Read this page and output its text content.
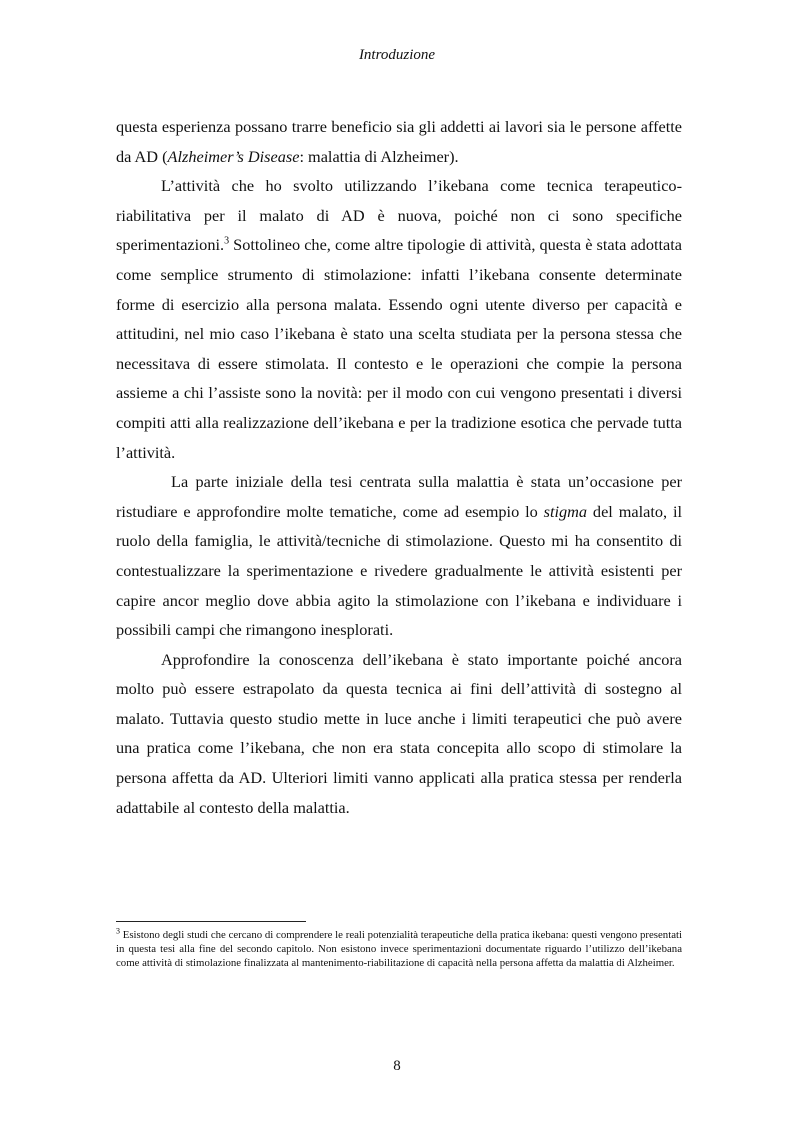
Introduzione

questa esperienza possano trarre beneficio sia gli addetti ai lavori sia le persone affette da AD (Alzheimer’s Disease: malattia di Alzheimer).

L’attività che ho svolto utilizzando l’ikebana come tecnica terapeutico-riabilitativa per il malato di AD è nuova, poiché non ci sono specifiche sperimentazioni.$^3$ Sottolineo che, come altre tipologie di attività, questa è stata adottata come semplice strumento di stimolazione: infatti l’ikebana consente determinate forme di esercizio alla persona malata. Essendo ogni utente diverso per capacità e attitudini, nel mio caso l’ikebana è stato una scelta studiata per la persona stessa che necessitava di essere stimolata. Il contesto e le operazioni che compie la persona assieme a chi l’assiste sono la novità: per il modo con cui vengono presentati i diversi compiti atti alla realizzazione dell’ikebana e per la tradizione esotica che pervade tutta l’attività.

La parte iniziale della tesi centrata sulla malattia è stata un’occasione per ristudiare e approfondire molte tematiche, come ad esempio lo stigma del malato, il ruolo della famiglia, le attività/tecniche di stimolazione. Questo mi ha consentito di contestualizzare la sperimentazione e rivedere gradualmente le attività esistenti per capire ancor meglio dove abbia agito la stimolazione con l’ikebana e individuare i possibili campi che rimangono inesplorati.

Approfondire la conoscenza dell’ikebana è stato importante poiché ancora molto può essere estrapolato da questa tecnica ai fini dell’attività di sostegno al malato. Tuttavia questo studio mette in luce anche i limiti terapeutici che può avere una pratica come l’ikebana, che non era stata concepita allo scopo di stimolare la persona affetta da AD. Ulteriori limiti vanno applicati alla pratica stessa per renderla adattabile al contesto della malattia.

$^3$ Esistono degli studi che cercano di comprendere le reali potenzialità terapeutiche della pratica ikebana: questi vengono presentati in questa tesi alla fine del secondo capitolo. Non esistono invece sperimentazioni documentate riguardo l’utilizzo dell’ikebana come attività di stimolazione finalizzata al mantenimento-riabilitazione di capacità nella persona affetta da malattia di Alzheimer.
8
